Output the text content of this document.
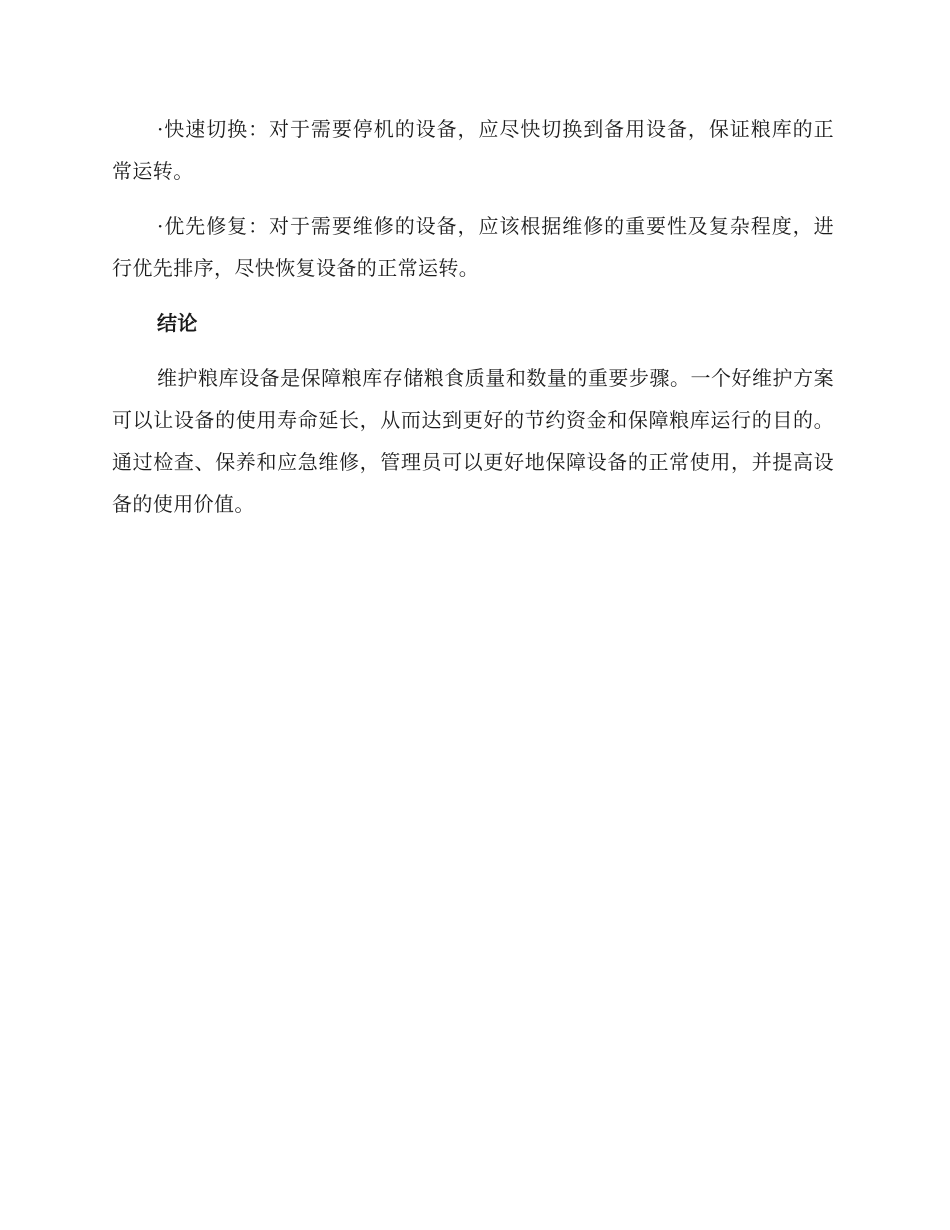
·快速切换：对于需要停机的设备，应尽快切换到备用设备，保证粮库的正常运转。

·优先修复：对于需要维修的设备，应该根据维修的重要性及复杂程度，进行优先排序，尽快恢复设备的正常运转。

结论

维护粮库设备是保障粮库存储粮食质量和数量的重要步骤。一个好维护方案可以让设备的使用寿命延长，从而达到更好的节约资金和保障粮库运行的目的。通过检查、保养和应急维修，管理员可以更好地保障设备的正常使用，并提高设备的使用价值。
